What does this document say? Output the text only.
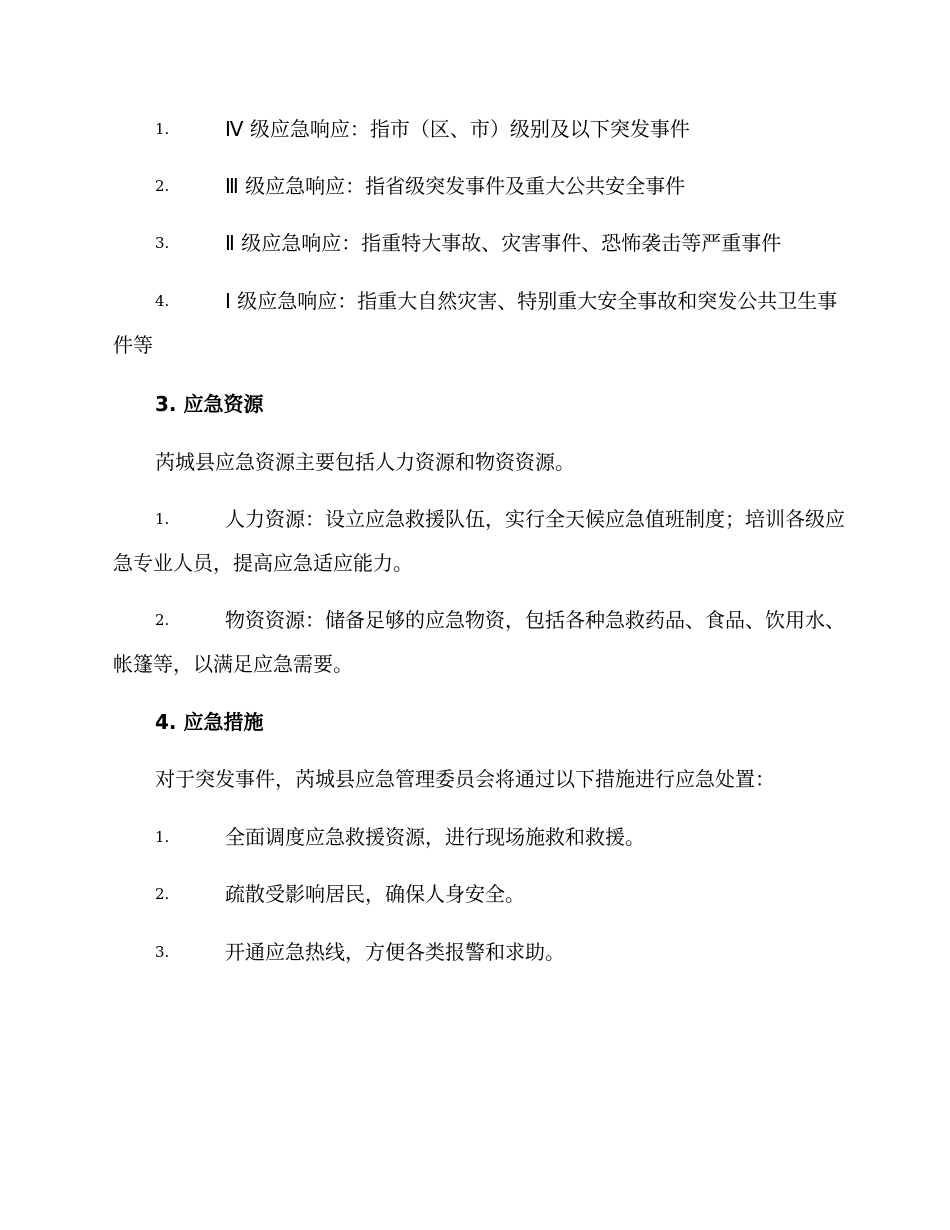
1.	Ⅳ 级应急响应：指市（区、市）级别及以下突发事件
2.	Ⅲ 级应急响应：指省级突发事件及重大公共安全事件
3.	Ⅱ 级应急响应：指重特大事故、灾害事件、恐怖袭击等严重事件
4.	Ⅰ 级应急响应：指重大自然灾害、特别重大安全事故和突发公共卫生事件等
3. 应急资源
芮城县应急资源主要包括人力资源和物资资源。
1.	人力资源：设立应急救援队伍，实行全天候应急值班制度；培训各级应急专业人员，提高应急适应能力。
2.	物资资源：储备足够的应急物资，包括各种急救药品、食品、饮用水、帐篷等，以满足应急需要。
4. 应急措施
对于突发事件，芮城县应急管理委员会将通过以下措施进行应急处置：
1.	全面调度应急救援资源，进行现场施救和救援。
2.	疏散受影响居民，确保人身安全。
3.	开通应急热线，方便各类报警和求助。
